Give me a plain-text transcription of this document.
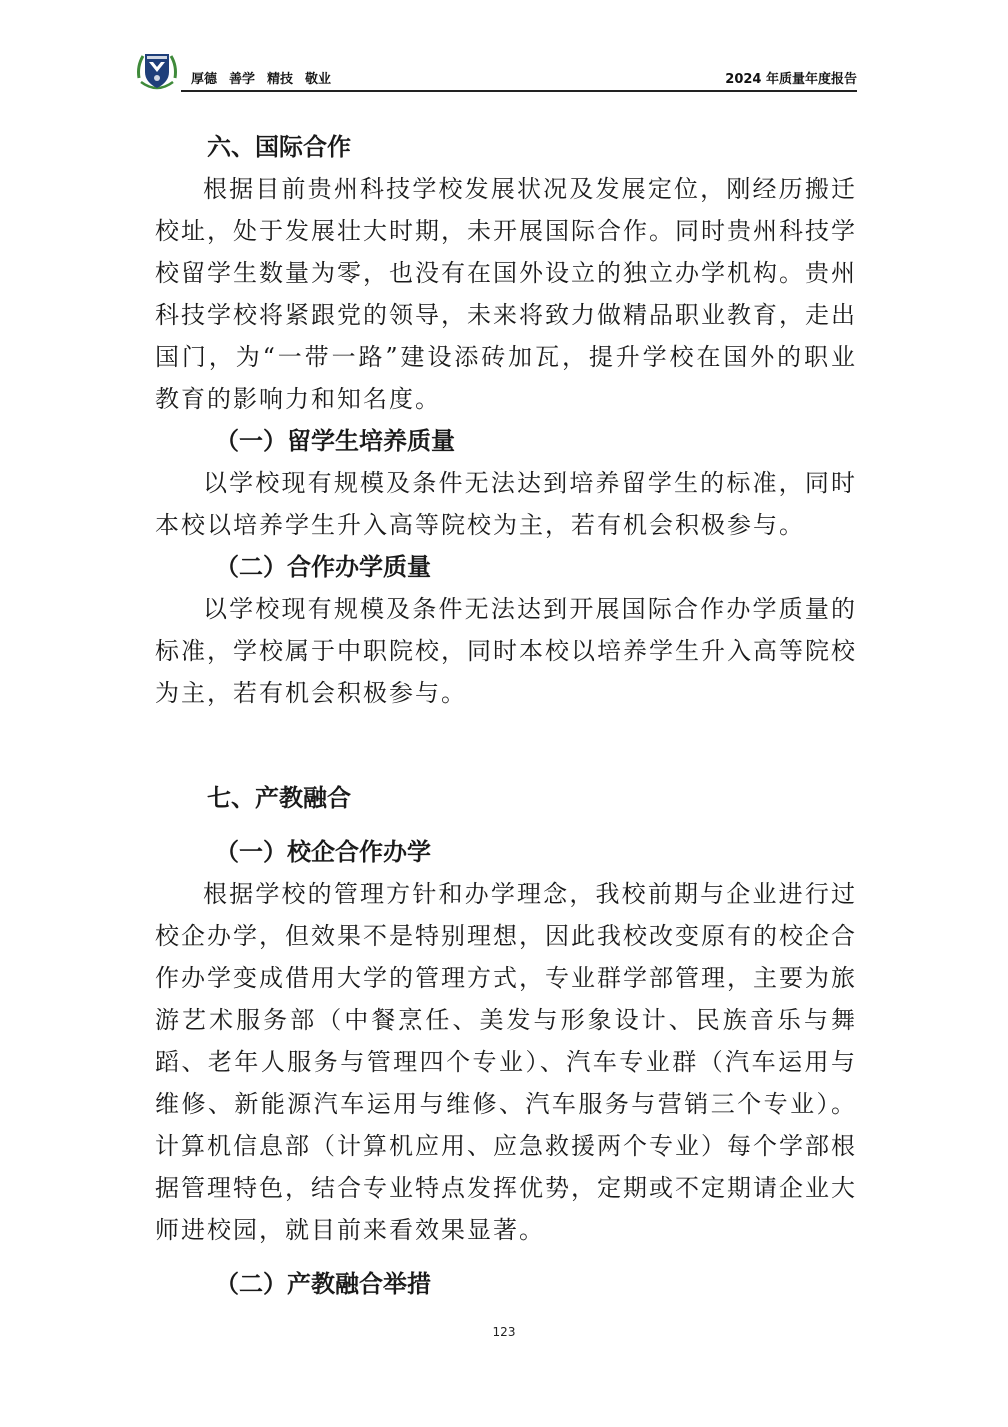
厚德 善学 精技 敬业	2024 年质量年度报告

六、国际合作

根据目前贵州科技学校发展状况及发展定位，刚经历搬迁校址，处于发展壮大时期，未开展国际合作。同时贵州科技学校留学生数量为零，也没有在国外设立的独立办学机构。贵州科技学校将紧跟党的领导，未来将致力做精品职业教育，走出国门，为“一带一路”建设添砖加瓦，提升学校在国外的职业教育的影响力和知名度。

（一）留学生培养质量

以学校现有规模及条件无法达到培养留学生的标准，同时本校以培养学生升入高等院校为主，若有机会积极参与。

（二）合作办学质量

以学校现有规模及条件无法达到开展国际合作办学质量的标准，学校属于中职院校，同时本校以培养学生升入高等院校为主，若有机会积极参与。

七、产教融合

（一）校企合作办学

根据学校的管理方针和办学理念，我校前期与企业进行过校企办学，但效果不是特别理想，因此我校改变原有的校企合作办学变成借用大学的管理方式，专业群学部管理，主要为旅游艺术服务部（中餐烹任、美发与形象设计、民族音乐与舞蹈、老年人服务与管理四个专业）、汽车专业群（汽车运用与维修、新能源汽车运用与维修、汽车服务与营销三个专业）。计算机信息部（计算机应用、应急救援两个专业）每个学部根据管理特色，结合专业特点发挥优势，定期或不定期请企业大师进校园，就目前来看效果显著。

（二）产教融合举措

123
